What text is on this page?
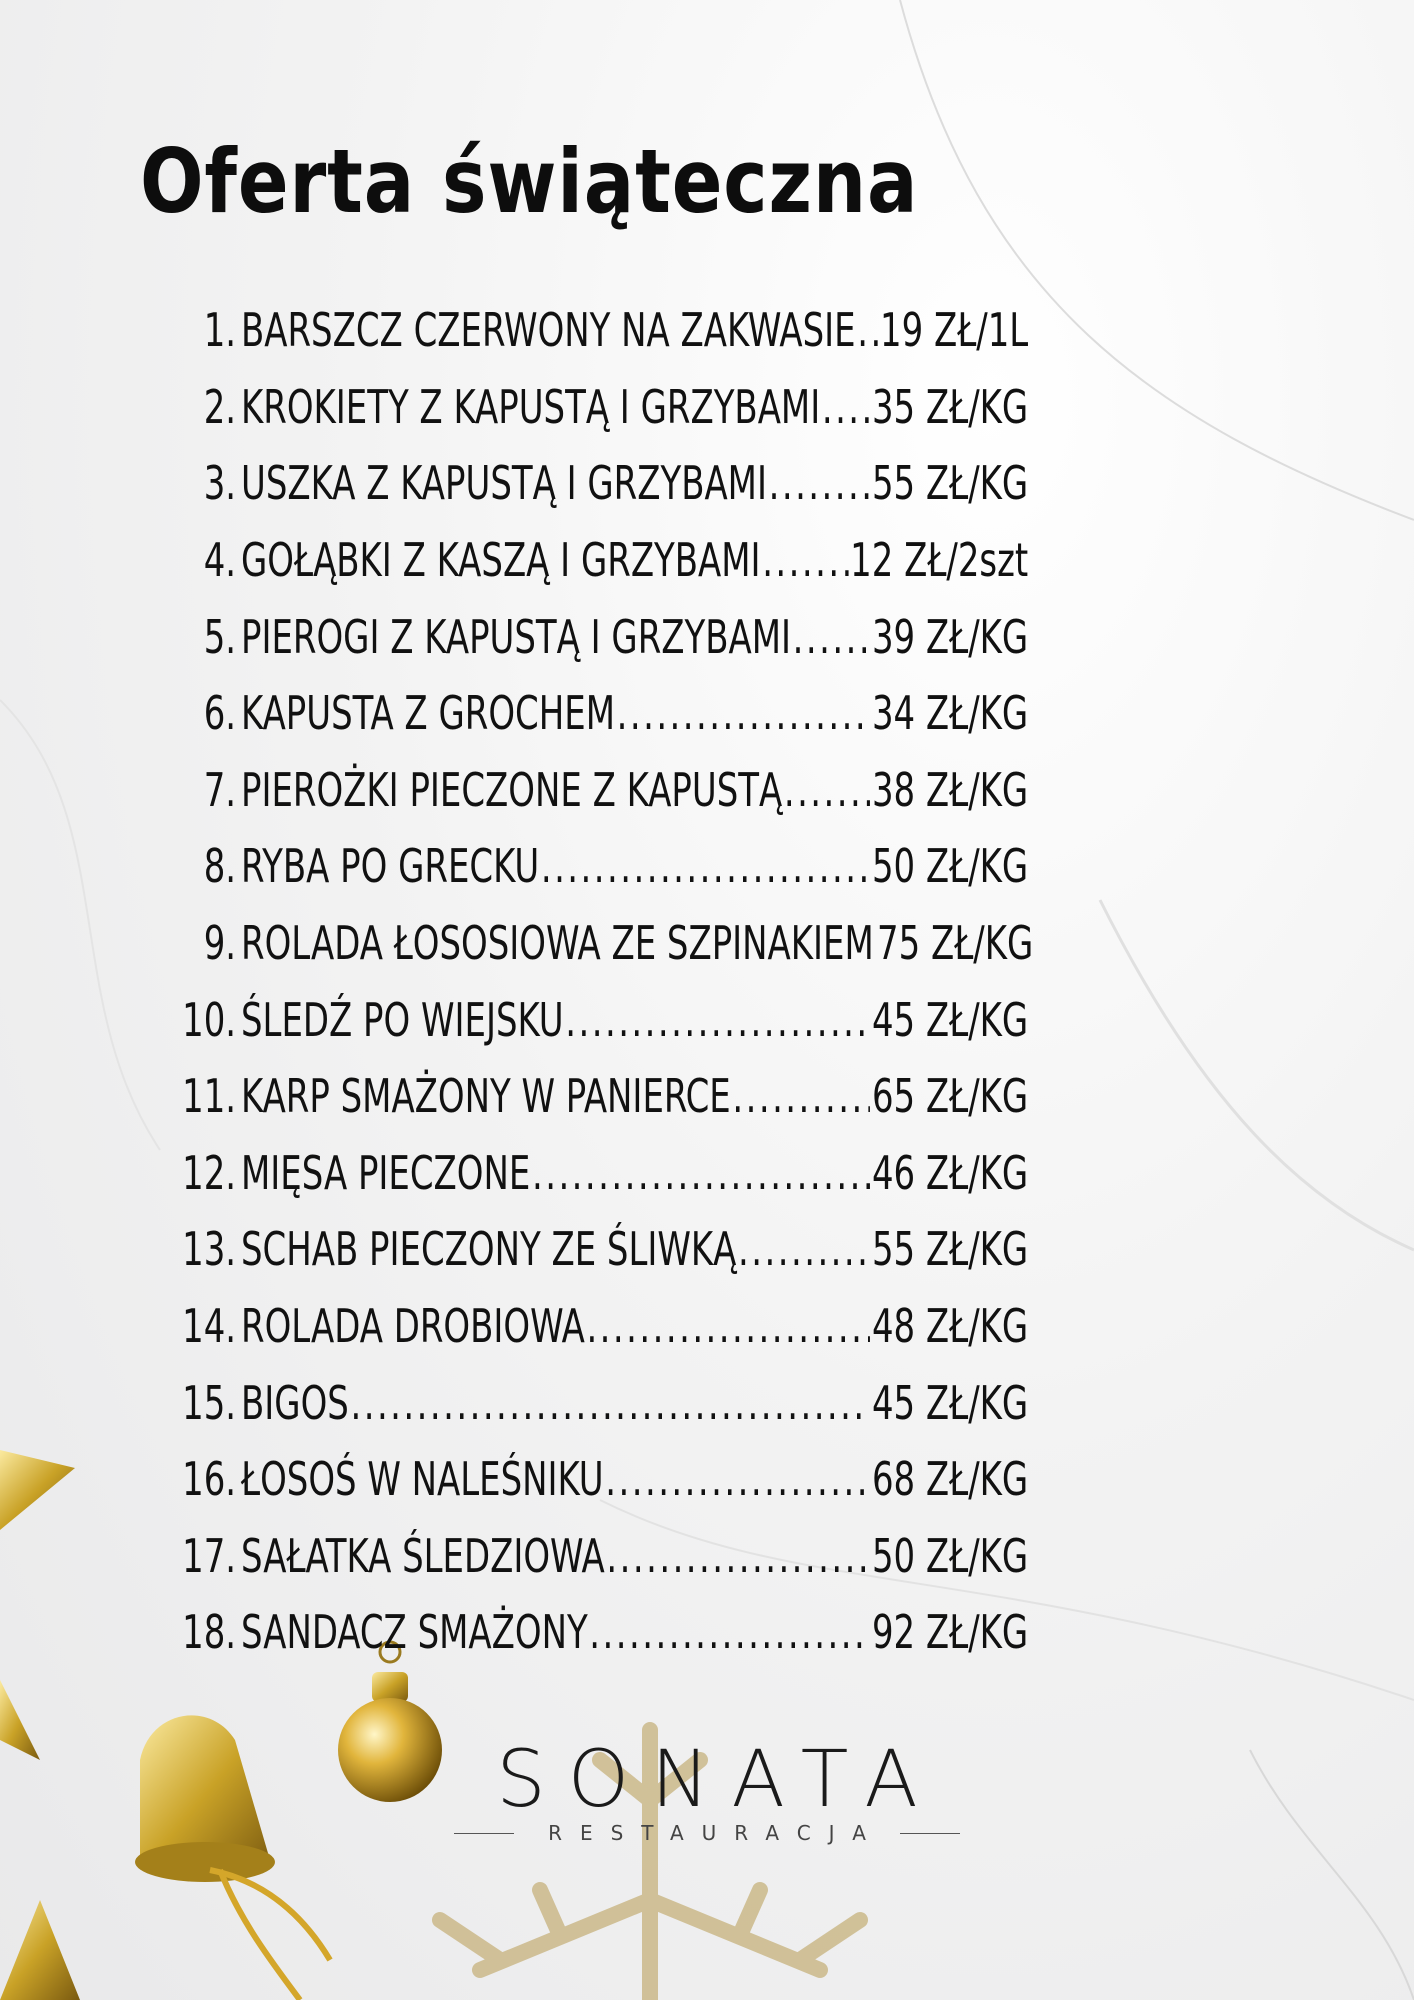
Oferta świąteczna
1. BARSZCZ CZERWONY NA ZAKWASIE ..... 19 ZŁ/1L
2. KROKIETY Z KAPUSTĄ I GRZYBAMI ..... 35 ZŁ/KG
3. USZKA Z KAPUSTĄ I GRZYBAMI ..... 55 ZŁ/KG
4. GOŁĄBKI Z KASZĄ I GRZYBAMI ..... 12 ZŁ/2szt
5. PIEROGI Z KAPUSTĄ I GRZYBAMI ..... 39 ZŁ/KG
6. KAPUSTA Z GROCHEM .....	34 ZŁ/KG
7. PIEROŻKI PIECZONE Z KAPUSTĄ ..... 38 ZŁ/KG
8. RYBA PO GRECKU .....	50 ZŁ/KG
9. ROLADA ŁOSOSIOWA ZE SZPINAKIEM 75 ZŁ/KG
10. ŚLEDŹ PO WIEJSKU .....	45 ZŁ/KG
11. KARP SMAŻONY W PANIERCE .....	65 ZŁ/KG
12. MIĘSA PIECZONE .....	46 ZŁ/KG
13. SCHAB PIECZONY ZE ŚLIWKĄ .....	55 ZŁ/KG
14. ROLADA DROBIOWA .....	48 ZŁ/KG
15. BIGOS .....	45 ZŁ/KG
16. ŁOSOŚ W NALEŚNIKU .....	68 ZŁ/KG
17. SAŁATKA ŚLEDZIOWA .....	50 ZŁ/KG
18. SANDACZ SMAŻONY .....	92 ZŁ/KG
SONATA
RESTAURACJA
